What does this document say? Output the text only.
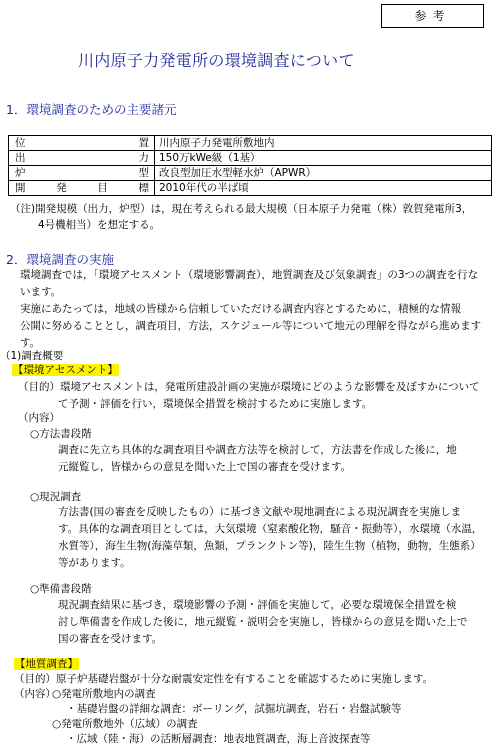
参考
川内原子力発電所の環境調査について
1．環境調査のための主要諸元
位置	川内原子力発電所敷地内
出力	150万kWe級（1基）
炉型	改良型加圧水型軽水炉（APWR）
開発目標	2010年代の半ば頃
（注)開発規模（出力，炉型）は，現在考えられる最大規模（日本原子力発電（株）敦賀発電所3，
4号機相当）を想定する。
2．環境調査の実施
環境調査では，「環境アセスメント（環境影響調査），地質調査及び気象調査」の3つの調査を行な
います。
実施にあたっては，地域の皆様から信頼していただける調査内容とするために，積極的な情報
公開に努めることとし，調査項目，方法，スケジュール等について地元の理解を得ながら進めます
す。
（1)調査概要
【環境アセスメント】
（目的）環境アセスメントは，発電所建設計画の実施が環境にどのような影響を及ぼすかについて
て予測・評価を行い，環境保全措置を検討するために実施します。
（内容）
○方法書段階
調査に先立ち具体的な調査項目や調査方法等を検討して，方法書を作成した後に，地
元縦覧し，皆様からの意見を聞いた上で国の審査を受けます。
○現況調査
方法書(国の審査を反映したもの）に基づき文献や現地調査による現況調査を実施しま
す。具体的な調査項目としては，大気環境（窒素酸化物，騒音・振動等），水環境（水温，
水質等），海生生物(海藻草類，魚類，プランクトン等)，陸生生物（植物，動物，生態系）
等があります。
○準備書段階
現況調査結果に基づき，環境影響の予測・評価を実施して，必要な環境保全措置を検
討し準備書を作成した後に，地元縦覧・説明会を実施し，皆様からの意見を聞いた上で
国の審査を受けます。
【地質調査】
（目的）原子炉基礎岩盤が十分な耐震安定性を有することを確認するために実施します。
（内容）
○発電所敷地内の調査
・基礎岩盤の詳細な調査：ボーリング，試掘坑調査，岩石・岩盤試験等
○発電所敷地外（広域）の調査
・広域（陸・海）の活断層調査：地表地質調査，海上音波探査等
